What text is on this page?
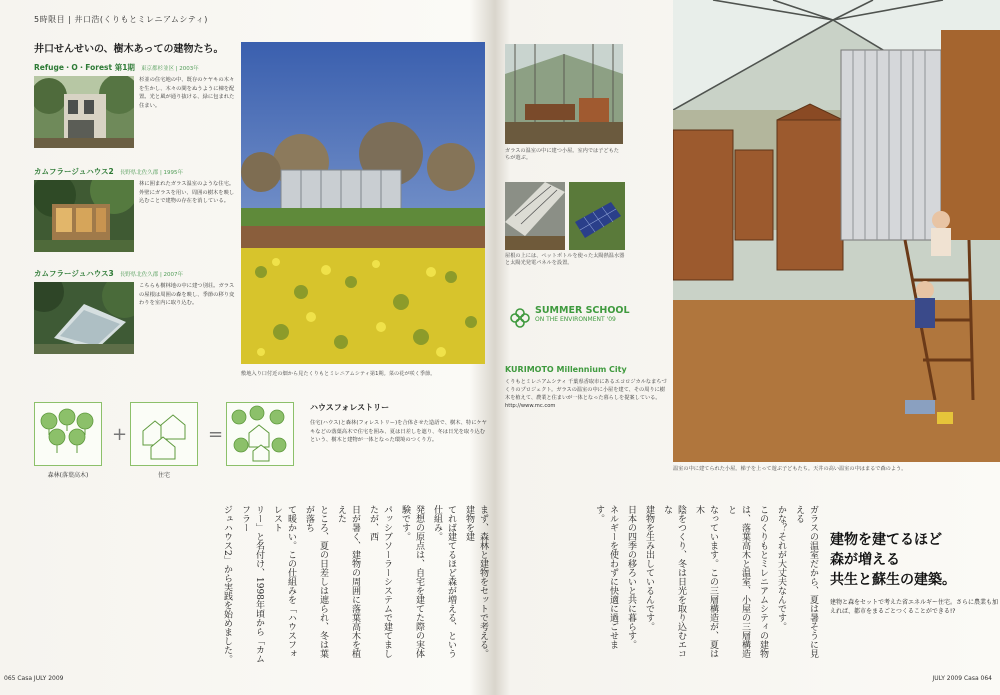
5時限目 | 井口浩(くりもとミレニアムシティ)
井口せんせいの、樹木あっての建物たち。
Refuge・O・Forest 第1期 東京都杉並区 | 2003年
杉並の住宅地の中、既存のケヤキの木々を生かし、木々の間をぬうように棟を配置。光と風が通り抜ける、緑に包まれた住まい。
カムフラージュハウス2 長野県北佐久郡 | 1995年
林に囲まれたガラス温室のような住宅。外壁にガラスを用い、周囲の樹木を映し込むことで建物の存在を消している。
カムフラージュハウス3 長野県北佐久郡 | 2007年
こちらも樹林地の中に建つ別荘。ガラスの屋根は周囲の森を映し、季節の移り変わりを室内に取り込む。
敷地入り口付近の畑から見たくりもとミレニアムシティ第1期。菜の花が咲く季節。
+	=
森林(落葉高木)	住宅
ハウスフォレストリー

住宅(ハウス)と森林(フォレストリー)を合体させた造語で、樹木、特にケヤキなどの落葉高木で住宅を囲み、夏は日差しを遮り、冬は日光を取り込むという、樹木と建物が一体となった環境のつくり方。

まず、森林と建物をセットで考える。建物を建
てれば建てるほど森が増える、という仕組み。
発想の原点は、自宅を建てた際の実体験です。
パッシブソーラーシステムで建てましたが、西
日が暑く、建物の周囲に落葉高木を植えた
ところ、夏の日差しは遮られ、冬は葉が落ち
て暖かい。この仕組みを「ハウスフォレスト
リー」と名付け、1998年頃から「カムフラー
ジュハウス2」から実践を始めました。
065 Casa JULY 2009
ガラスの温室の中に建つ小屋。室内では子どもたちが遊ぶ。
屋根の上には、ペットボトルを使った太陽熱温水器と太陽光発電パネルを設置。
SUMMER SCHOOL
ON THE ENVIRONMENT '09
KURIMOTO Millennium City

くりもとミレニアムシティ 千葉県香取市にあるエコロジカルなまちづくりのプロジェクト。ガラスの温室の中に小屋を建て、その周りに樹木を植えて、農業と住まいが一体となった暮らしを提案している。http://www.mc.com

温室の中に建てられた小屋。梯子を上って遊ぶ子どもたち。天井の高い温室の中はまるで森のよう。
ガラスの温室だから、夏は暑そうに見える
かな？それが大丈夫なんです。
このくりもとミレニアムシティの建物
は、落葉高木と温室、小屋の三層構造と
なっています。この三層構造が、夏は木
陰をつくり、冬は日光を取り込むエコな
建物を生み出しているんです。
日本の四季の移ろいと共に暮らす。
ネルギーを使わずに快適に過ごせます。
建物を建てるほど
森が増える
共生と蘇生の建築。

建物と森をセットで考えた省エネルギー住宅。さらに農業も加えれば、都市をまるごとつくることができる!?

JULY 2009 Casa 064
